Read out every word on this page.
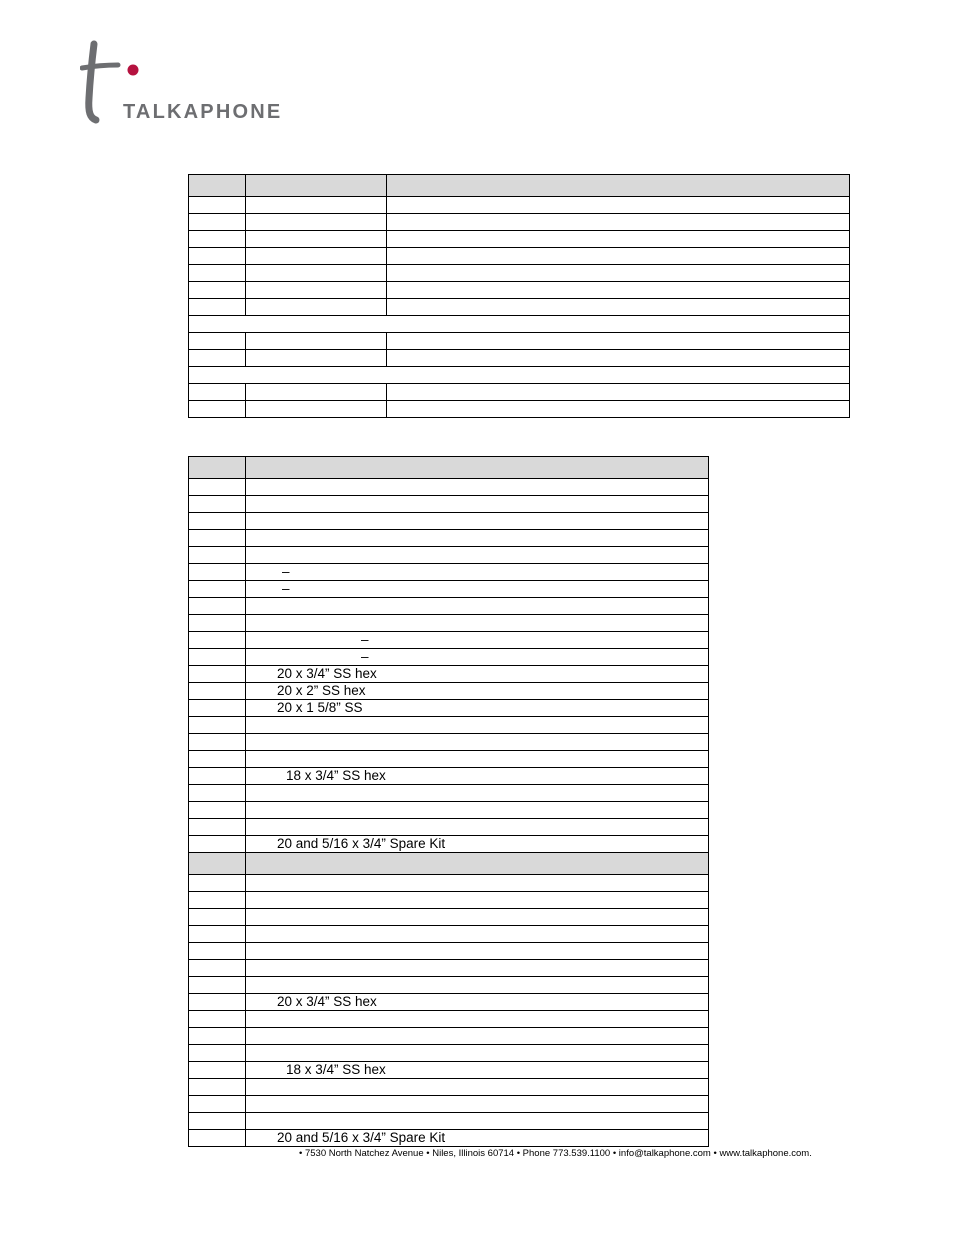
TALKAPHONE

	–
	–

	–
	–
	20 x 3/4” SS hex
	20 x 2” SS hex
	20 x 1 5/8” SS

	18 x 3/4” SS hex

	20 and 5/16 x 3/4” Spare Kit

	20 x 3/4” SS hex

	18 x 3/4” SS hex

	20 and 5/16 x 3/4” Spare Kit
• 7530 North Natchez Avenue • Niles, Illinois 60714 • Phone 773.539.1100 • info@talkaphone.com • www.talkaphone.com.
